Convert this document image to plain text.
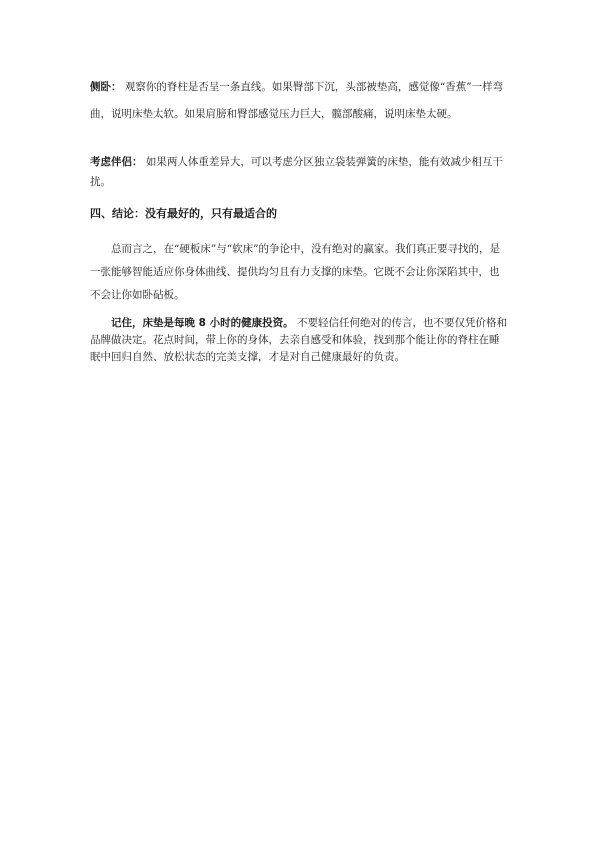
侧卧： 观察你的脊柱是否呈一条直线。如果臀部下沉，头部被垫高，感觉像“香蕉”一样弯曲，说明床垫太软。如果肩膀和臀部感觉压力巨大，髋部酸痛，说明床垫太硬。

考虑伴侣： 如果两人体重差异大，可以考虑分区独立袋装弹簧的床垫，能有效减少相互干扰。

四、结论：没有最好的，只有最适合的

总而言之，在“硬板床”与“软床”的争论中，没有绝对的赢家。我们真正要寻找的，是一张能够智能适应你身体曲线、提供均匀且有力支撑的床垫。它既不会让你深陷其中，也不会让你如卧砧板。

记住，床垫是每晚 8 小时的健康投资。 不要轻信任何绝对的传言，也不要仅凭价格和品牌做决定。花点时间，带上你的身体，去亲自感受和体验，找到那个能让你的脊柱在睡眠中回归自然、放松状态的完美支撑，才是对自己健康最好的负责。
